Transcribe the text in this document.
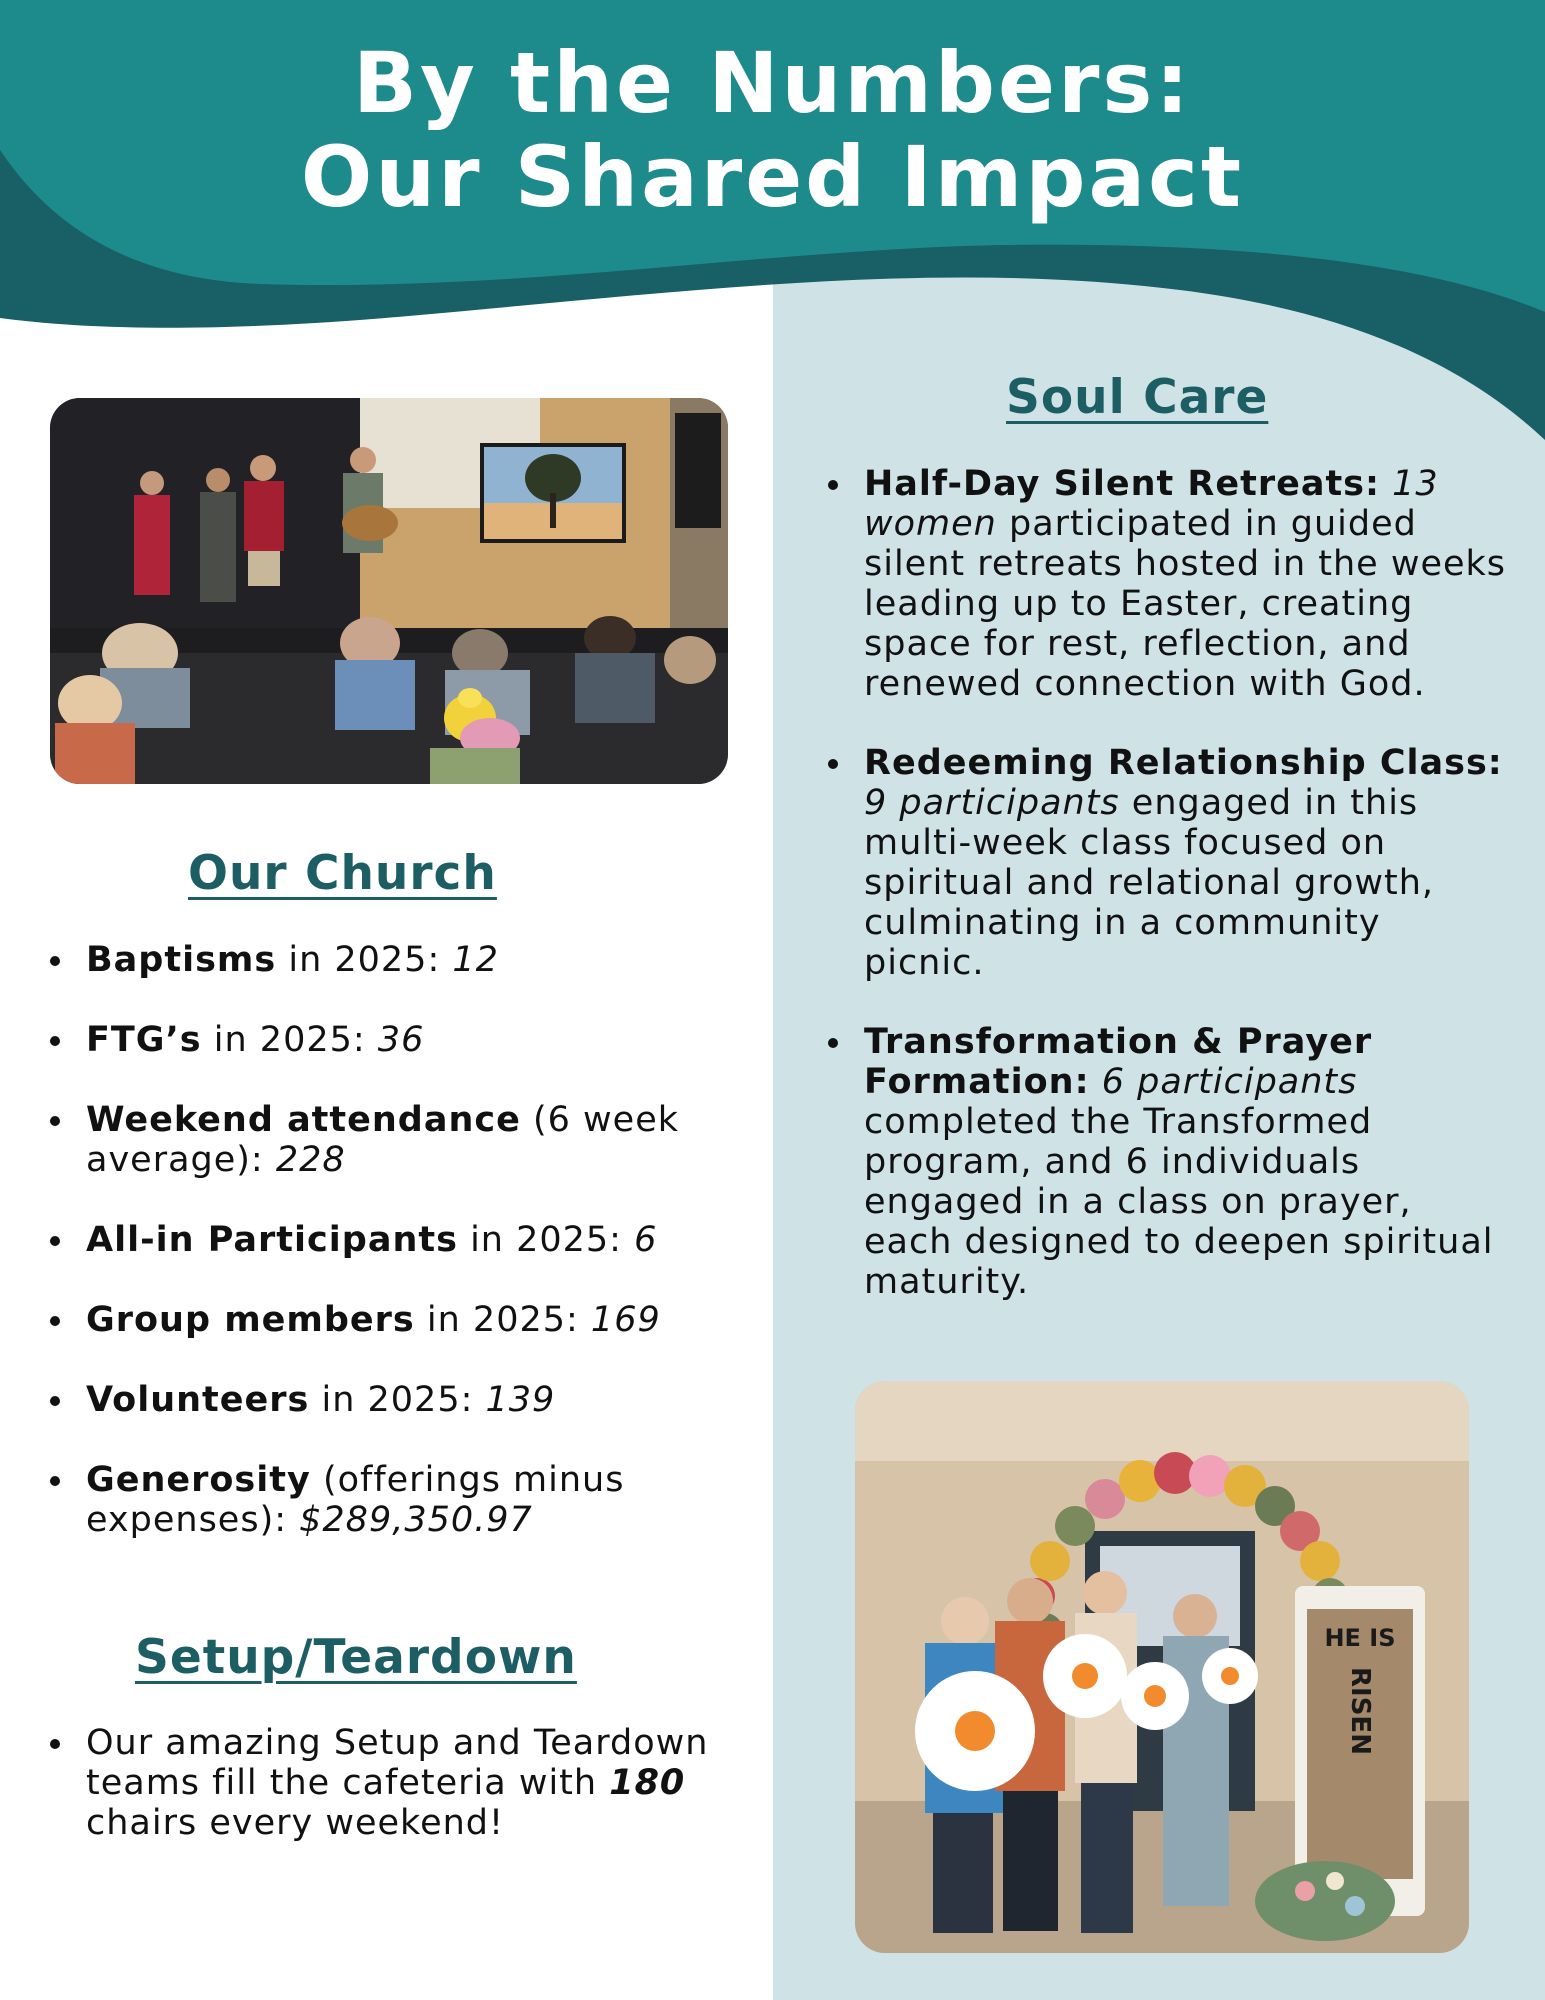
By the Numbers:
Our Shared Impact
Our Church
Baptisms in 2025: 12
FTG’s in 2025: 36
Weekend attendance (6 week average): 228
All-in Participants in 2025: 6
Group members in 2025: 169
Volunteers in 2025: 139
Generosity (offerings minus expenses): $289,350.97
Setup/Teardown
Our amazing Setup and Teardown teams fill the cafeteria with 180 chairs every weekend!
Soul Care
Half-Day Silent Retreats: 13 women participated in guided silent retreats hosted in the weeks leading up to Easter, creating space for rest, reflection, and renewed connection with God.
Redeeming Relationship Class: 9 participants engaged in this multi-week class focused on spiritual and relational growth, culminating in a community picnic.
Transformation & Prayer Formation: 6 participants completed the Transformed program, and 6 individuals engaged in a class on prayer, each designed to deepen spiritual maturity.
HE IS
RISEN
